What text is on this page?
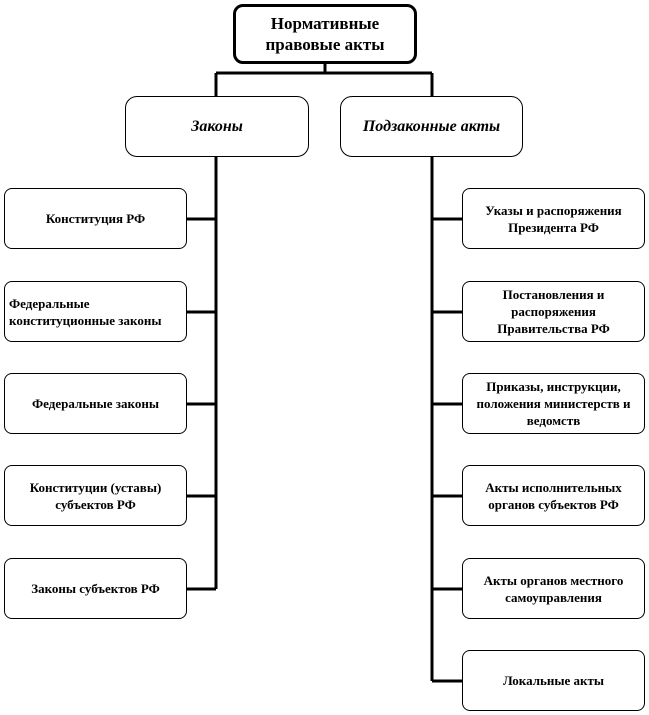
Нормативные правовые акты
Законы	Подзаконные акты
Конституция РФ
Федеральные конституционные законы
Федеральные законы
Конституции (уставы) субъектов РФ
Законы субъектов РФ
Указы и распоряжения Президента РФ
Постановления и распоряжения Правительства РФ
Приказы, инструкции, положения министерств и ведомств
Акты исполнительных органов субъектов РФ
Акты органов местного самоуправления
Локальные акты
